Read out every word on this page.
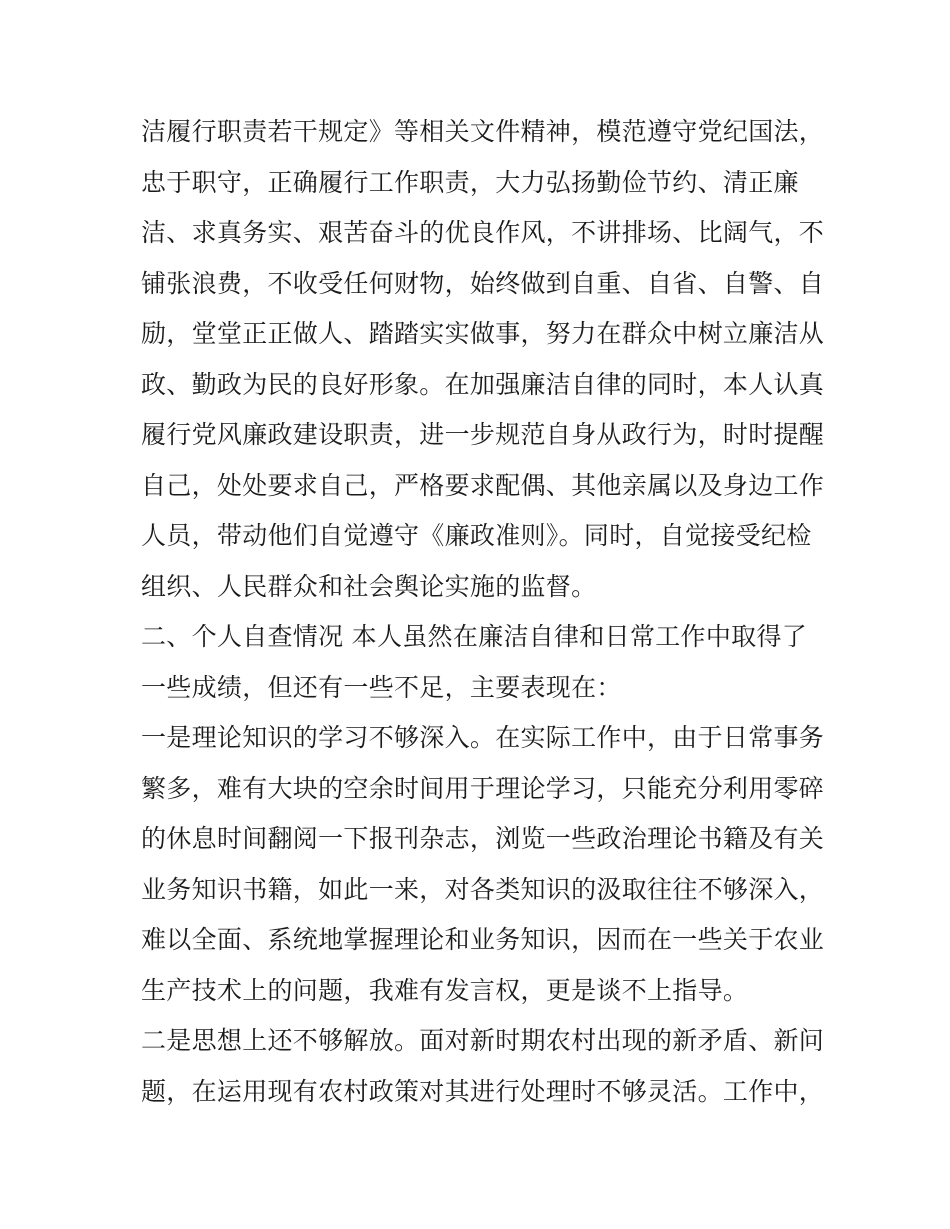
洁履行职责若干规定》等相关文件精神，模范遵守党纪国法，
忠于职守，正确履行工作职责，大力弘扬勤俭节约、清正廉
洁、求真务实、艰苦奋斗的优良作风，不讲排场、比阔气，不
铺张浪费，不收受任何财物，始终做到自重、自省、自警、自
励，堂堂正正做人、踏踏实实做事，努力在群众中树立廉洁从
政、勤政为民的良好形象。在加强廉洁自律的同时，本人认真
履行党风廉政建设职责，进一步规范自身从政行为，时时提醒
自己，处处要求自己，严格要求配偶、其他亲属以及身边工作
人员，带动他们自觉遵守《廉政准则》。同时，自觉接受纪检
组织、人民群众和社会舆论实施的监督。
二、个人自查情况 本人虽然在廉洁自律和日常工作中取得了
一些成绩，但还有一些不足，主要表现在：
一是理论知识的学习不够深入。在实际工作中，由于日常事务
繁多，难有大块的空余时间用于理论学习，只能充分利用零碎
的休息时间翻阅一下报刊杂志，浏览一些政治理论书籍及有关
业务知识书籍，如此一来，对各类知识的汲取往往不够深入，
难以全面、系统地掌握理论和业务知识，因而在一些关于农业
生产技术上的问题，我难有发言权，更是谈不上指导。
二是思想上还不够解放。面对新时期农村出现的新矛盾、新问
题，在运用现有农村政策对其进行处理时不够灵活。工作中，
